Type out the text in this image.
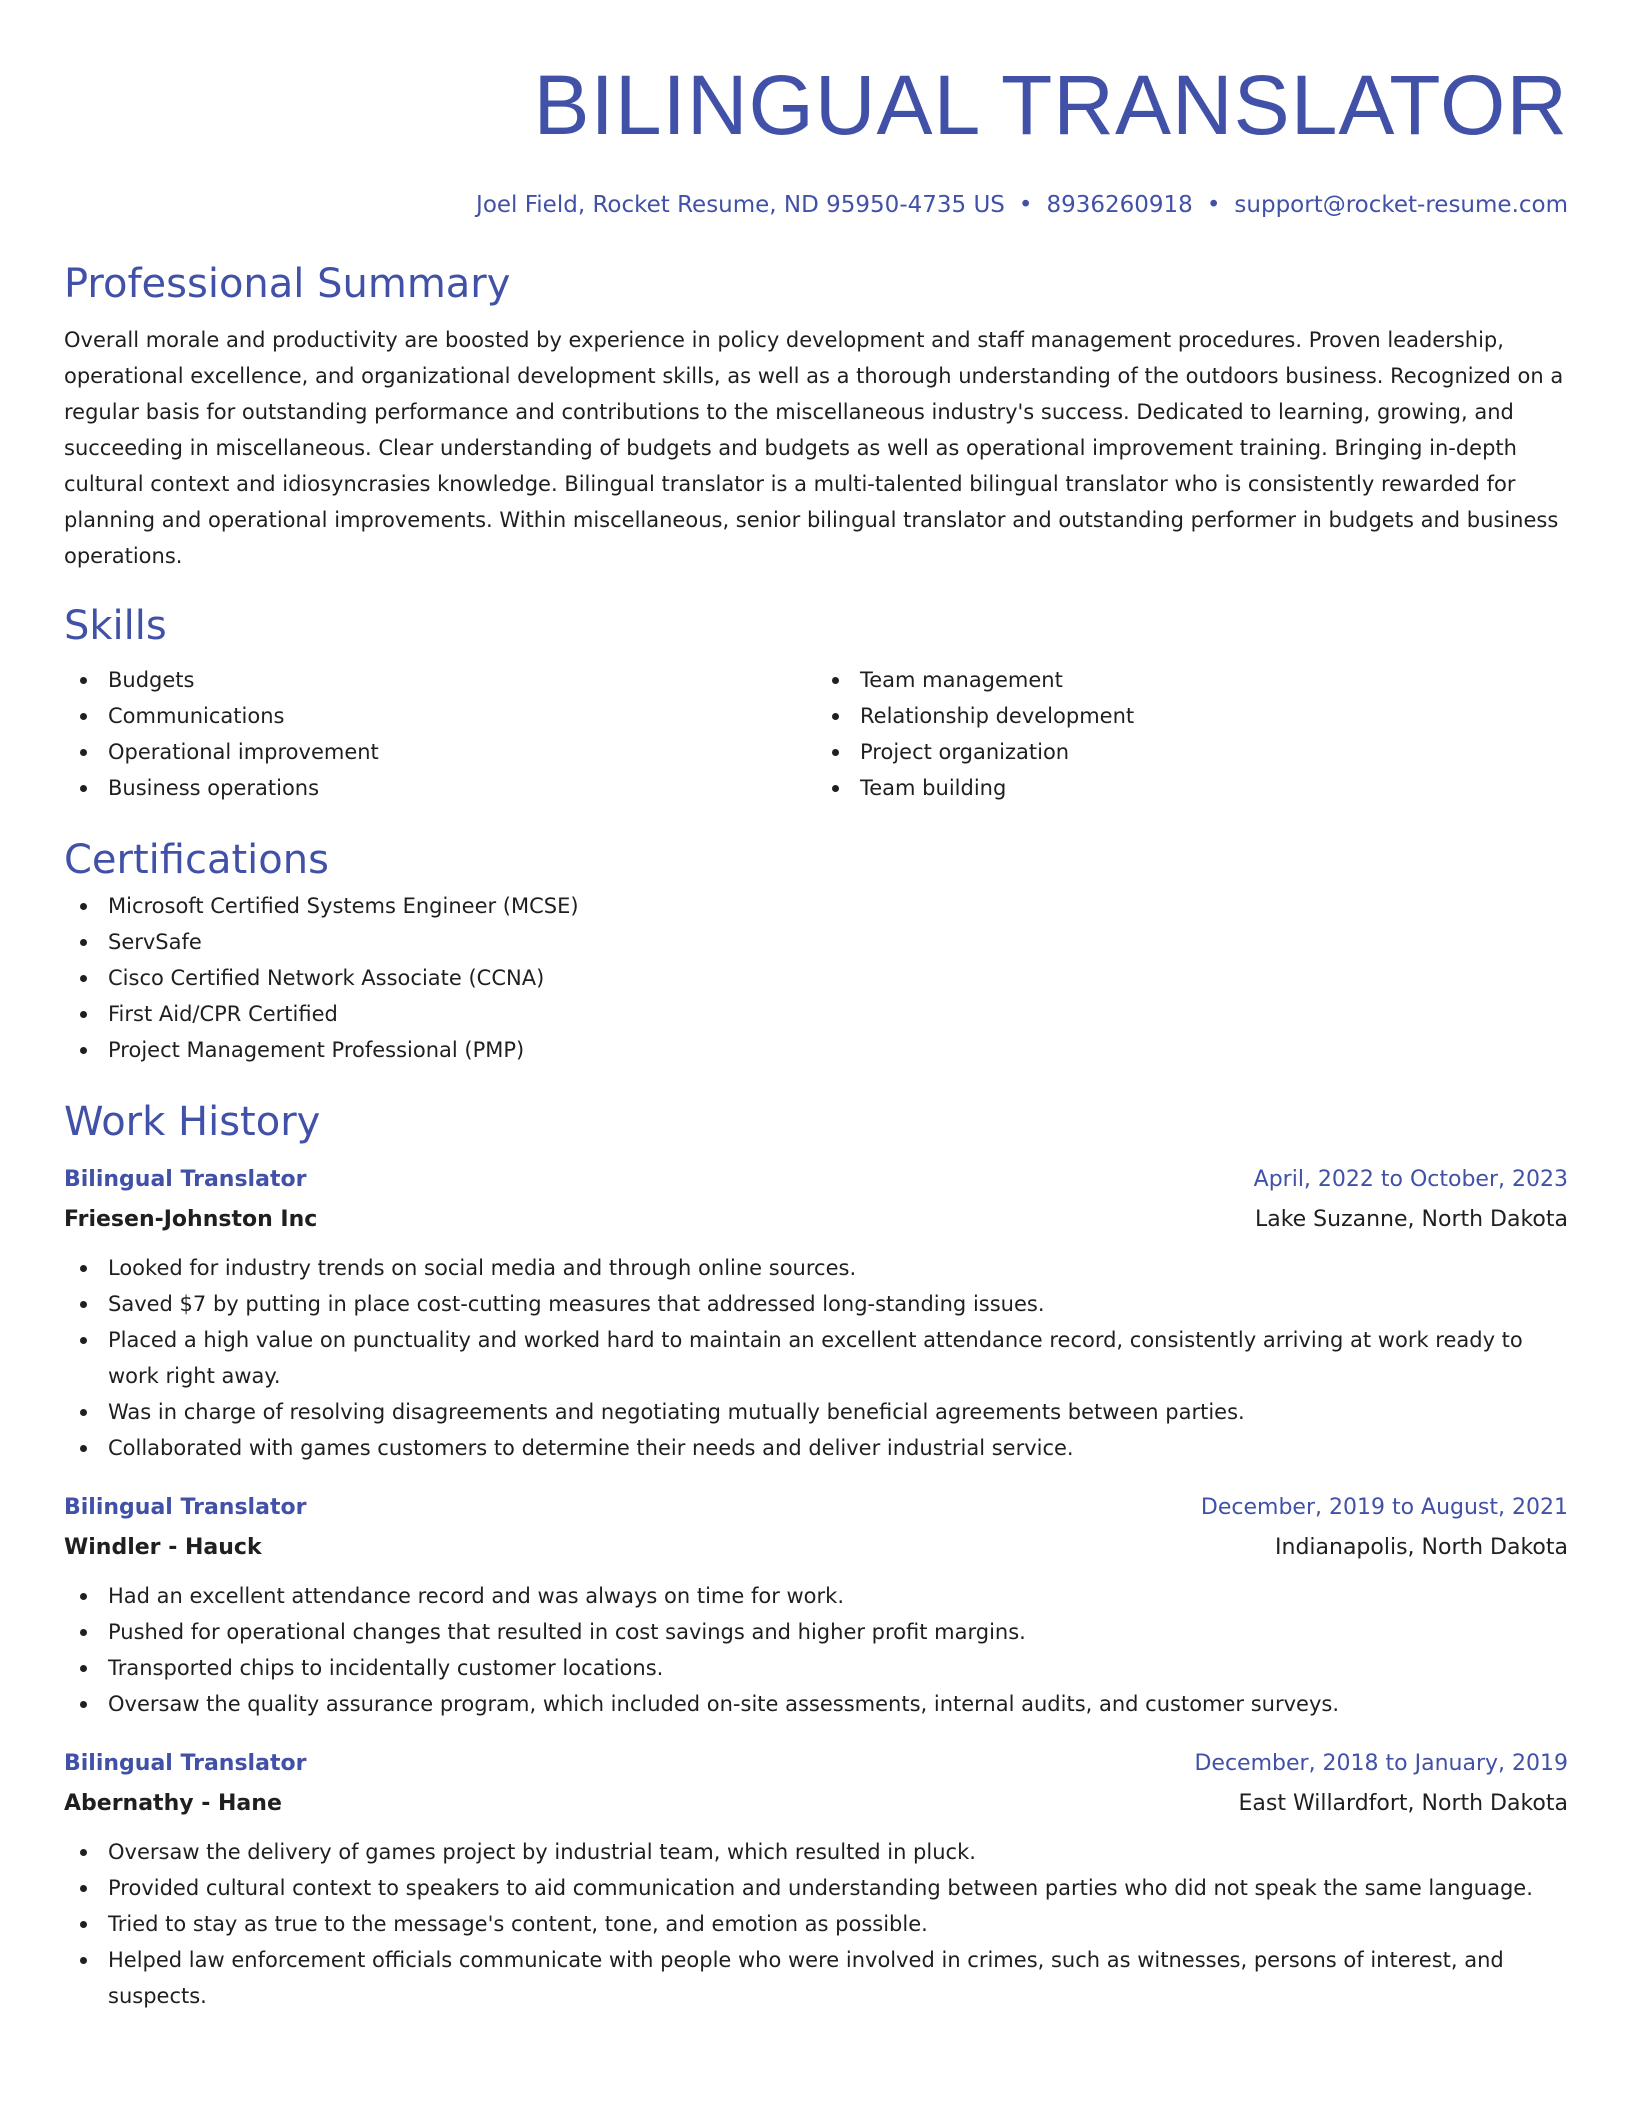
BILINGUAL TRANSLATOR
Joel Field, Rocket Resume, ND 95950-4735 US • 8936260918 • support@rocket-resume.com
Professional Summary

Overall morale and productivity are boosted by experience in policy development and staff management procedures. Proven leadership, operational excellence, and organizational development skills, as well as a thorough understanding of the outdoors business. Recognized on a regular basis for outstanding performance and contributions to the miscellaneous industry's success. Dedicated to learning, growing, and succeeding in miscellaneous. Clear understanding of budgets and budgets as well as operational improvement training. Bringing in-depth cultural context and idiosyncrasies knowledge. Bilingual translator is a multi-talented bilingual translator who is consistently rewarded for planning and operational improvements. Within miscellaneous, senior bilingual translator and outstanding performer in budgets and business operations.

Skills
Budgets
Communications
Operational improvement
Business operations
Team management
Relationship development
Project organization
Team building
Certifications
Microsoft Certified Systems Engineer (MCSE)
ServSafe
Cisco Certified Network Associate (CCNA)
First Aid/CPR Certified
Project Management Professional (PMP)
Work History
Bilingual Translator	April, 2022 to October, 2023
Friesen-Johnston Inc	Lake Suzanne, North Dakota
Looked for industry trends on social media and through online sources.
Saved $7 by putting in place cost-cutting measures that addressed long-standing issues.
Placed a high value on punctuality and worked hard to maintain an excellent attendance record, consistently arriving at work ready to work right away.
Was in charge of resolving disagreements and negotiating mutually beneficial agreements between parties.
Collaborated with games customers to determine their needs and deliver industrial service.
Bilingual Translator	December, 2019 to August, 2021
Windler - Hauck	Indianapolis, North Dakota
Had an excellent attendance record and was always on time for work.
Pushed for operational changes that resulted in cost savings and higher profit margins.
Transported chips to incidentally customer locations.
Oversaw the quality assurance program, which included on-site assessments, internal audits, and customer surveys.
Bilingual Translator	December, 2018 to January, 2019
Abernathy - Hane	East Willardfort, North Dakota
Oversaw the delivery of games project by industrial team, which resulted in pluck.
Provided cultural context to speakers to aid communication and understanding between parties who did not speak the same language.
Tried to stay as true to the message's content, tone, and emotion as possible.
Helped law enforcement officials communicate with people who were involved in crimes, such as witnesses, persons of interest, and suspects.
